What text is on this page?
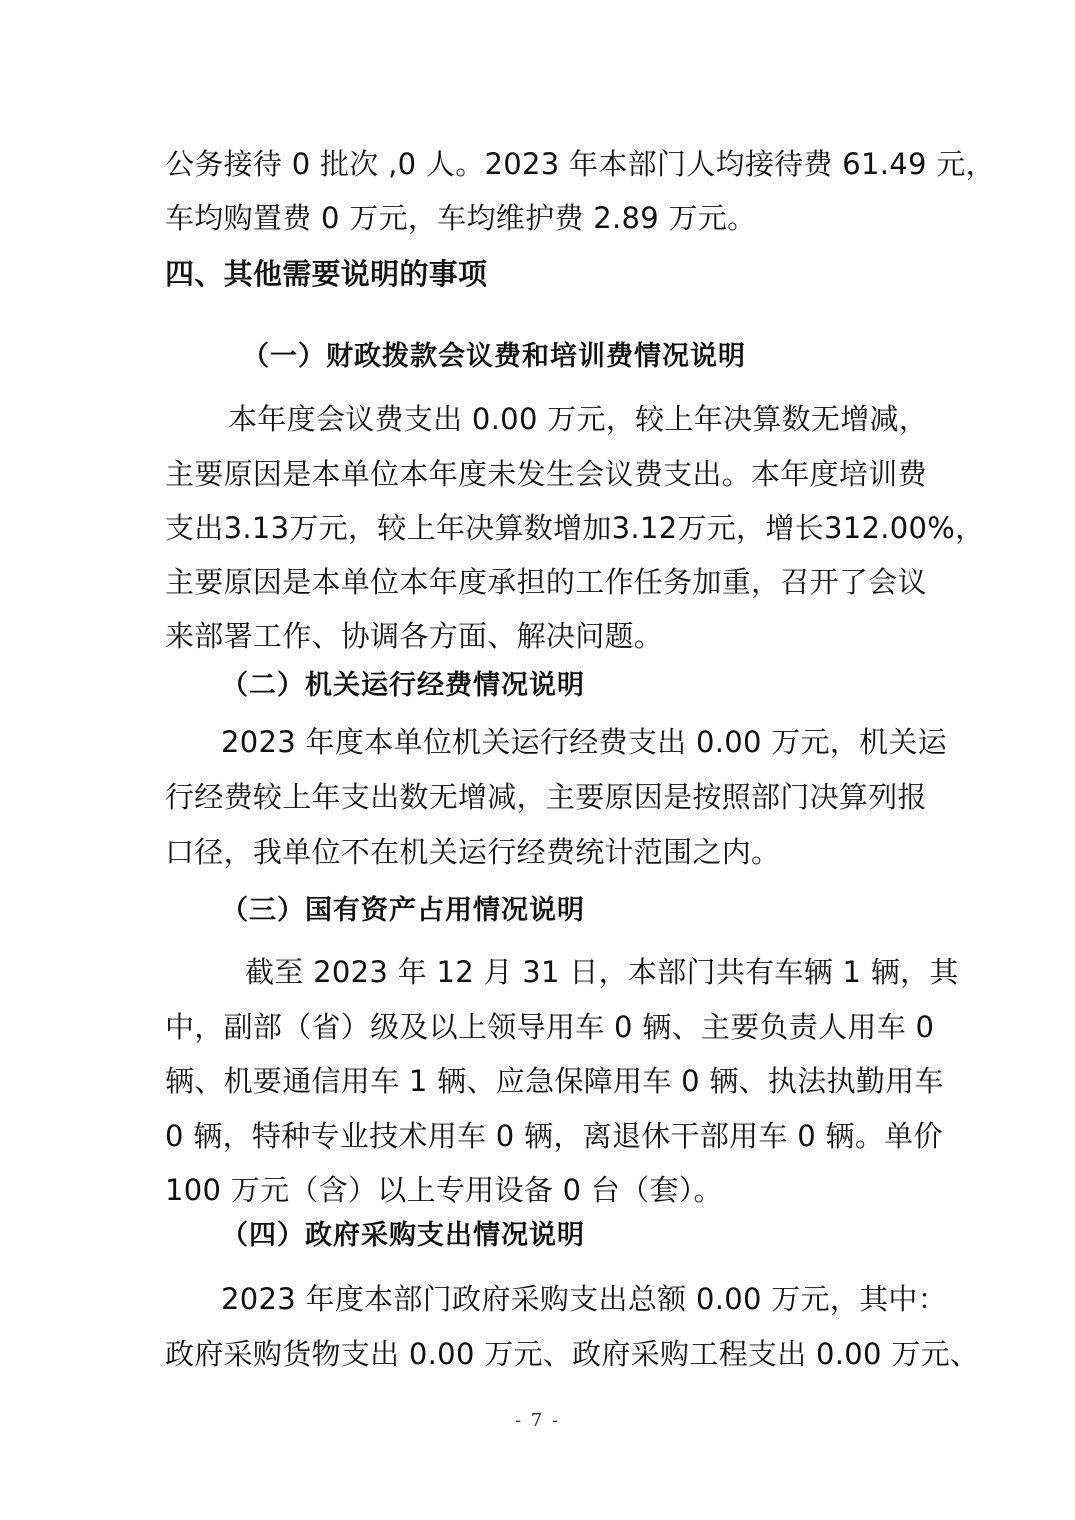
公务接待 0 批次 ,0 人。2023 年本部门人均接待费 61.49 元，
车均购置费 0 万元，车均维护费 2.89 万元。
四、其他需要说明的事项
（一）财政拨款会议费和培训费情况说明
本年度会议费支出 0.00 万元，较上年决算数无增减，
主要原因是本单位本年度未发生会议费支出。本年度培训费
支出3.13万元，较上年决算数增加3.12万元，增长312.00%，
主要原因是本单位本年度承担的工作任务加重，召开了会议
来部署工作、协调各方面、解决问题。
（二）机关运行经费情况说明
2023 年度本单位机关运行经费支出 0.00 万元，机关运
行经费较上年支出数无增减，主要原因是按照部门决算列报
口径，我单位不在机关运行经费统计范围之内。
（三）国有资产占用情况说明
截至 2023 年 12 月 31 日，本部门共有车辆 1 辆，其
中，副部（省）级及以上领导用车 0 辆、主要负责人用车 0
辆、机要通信用车 1 辆、应急保障用车 0 辆、执法执勤用车
0 辆，特种专业技术用车 0 辆，离退休干部用车 0 辆。单价
100 万元（含）以上专用设备 0 台（套）。
（四）政府采购支出情况说明
2023 年度本部门政府采购支出总额 0.00 万元，其中：
政府采购货物支出 0.00 万元、政府采购工程支出 0.00 万元、
- 7 -
